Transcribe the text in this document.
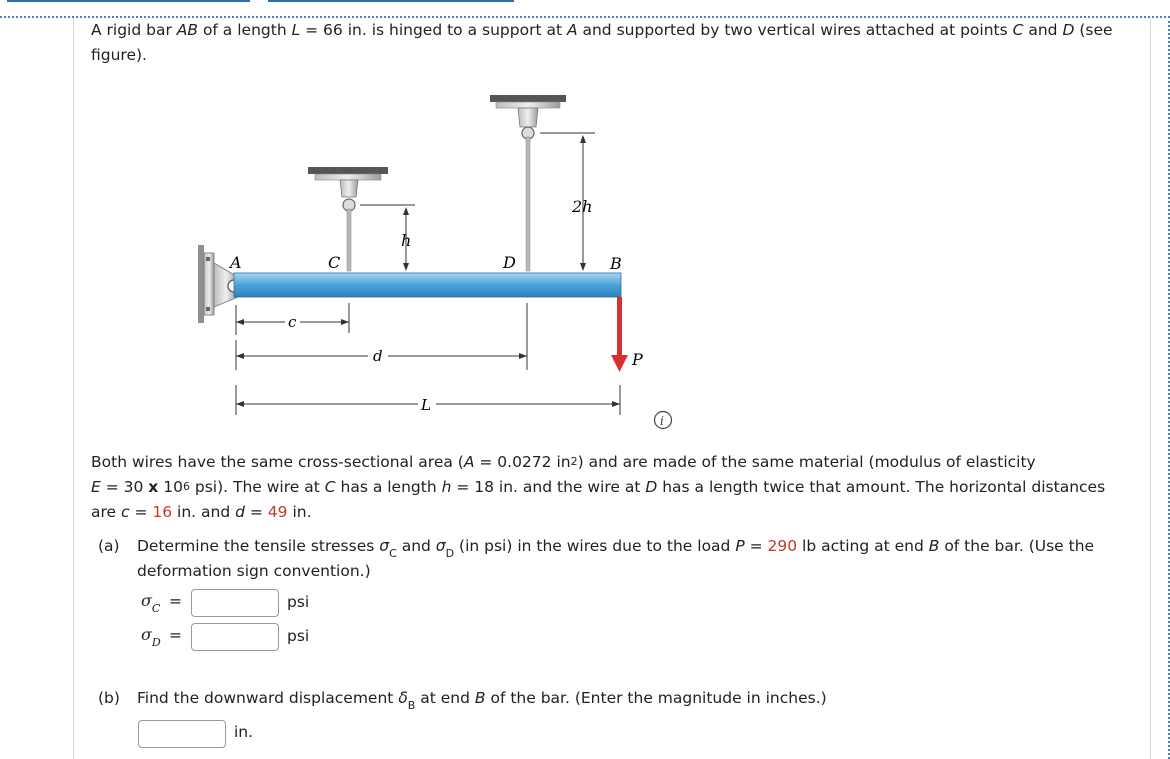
A rigid bar AB of a length L = 66 in. is hinged to a support at A and supported by two vertical wires attached at points C and D (see figure).
A	C	D	B
h
2h
c
d
L
P
i
Both wires have the same cross-sectional area (A = 0.0272 $in^2$) and are made of the same material (modulus of elasticity
E = 30 x $10^6$ psi). The wire at C has a length h = 18 in. and the wire at D has a length twice that amount. The horizontal distances
are c = 16 in. and d = 49 in.
(a) Determine the tensile stresses $\sigma_C$ and $\sigma_D$ (in psi) in the wires due to the load P = 290 lb acting at end B of the bar. (Use the
deformation sign convention.)
$\sigma_C$ =	psi
$\sigma_D$ =	psi
(b) Find the downward displacement $\delta_B$ at end B of the bar. (Enter the magnitude in inches.)
in.
